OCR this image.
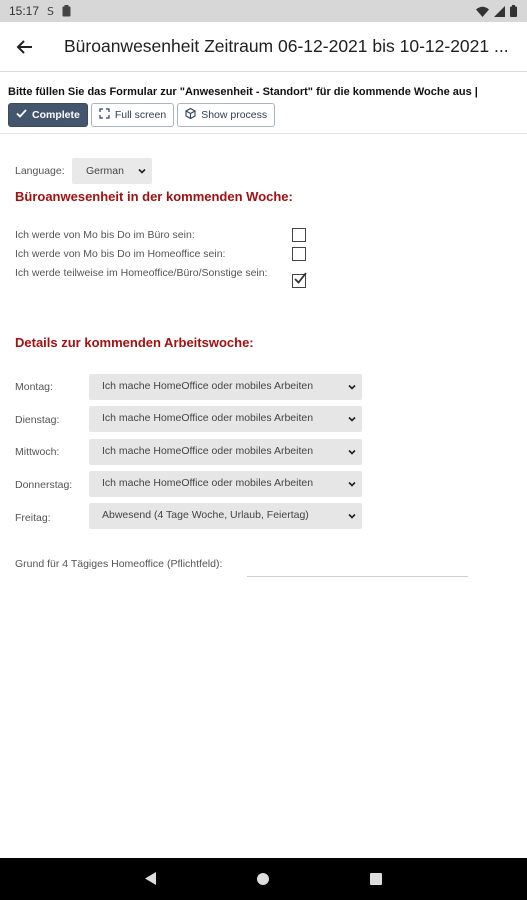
15:17 S
Büroanwesenheit Zeitraum 06-12-2021 bis 10-12-2021 ...
Bitte füllen Sie das Formular zur "Anwesenheit - Standort" für die kommende Woche aus |
Complete	Full screen	Show process
Language: German
Büroanwesenheit in der kommenden Woche:
Ich werde von Mo bis Do im Büro sein:
Ich werde von Mo bis Do im Homeoffice sein:
Ich werde teilweise im Homeoffice/Büro/Sonstige sein:
Details zur kommenden Arbeitswoche:
Montag:	Ich mache HomeOffice oder mobiles Arbeiten
Dienstag:	Ich mache HomeOffice oder mobiles Arbeiten
Mittwoch:	Ich mache HomeOffice oder mobiles Arbeiten
Donnerstag:	Ich mache HomeOffice oder mobiles Arbeiten
Freitag:	Abwesend (4 Tage Woche, Urlaub, Feiertag)
Grund für 4 Tägiges Homeoffice (Pflichtfeld):
